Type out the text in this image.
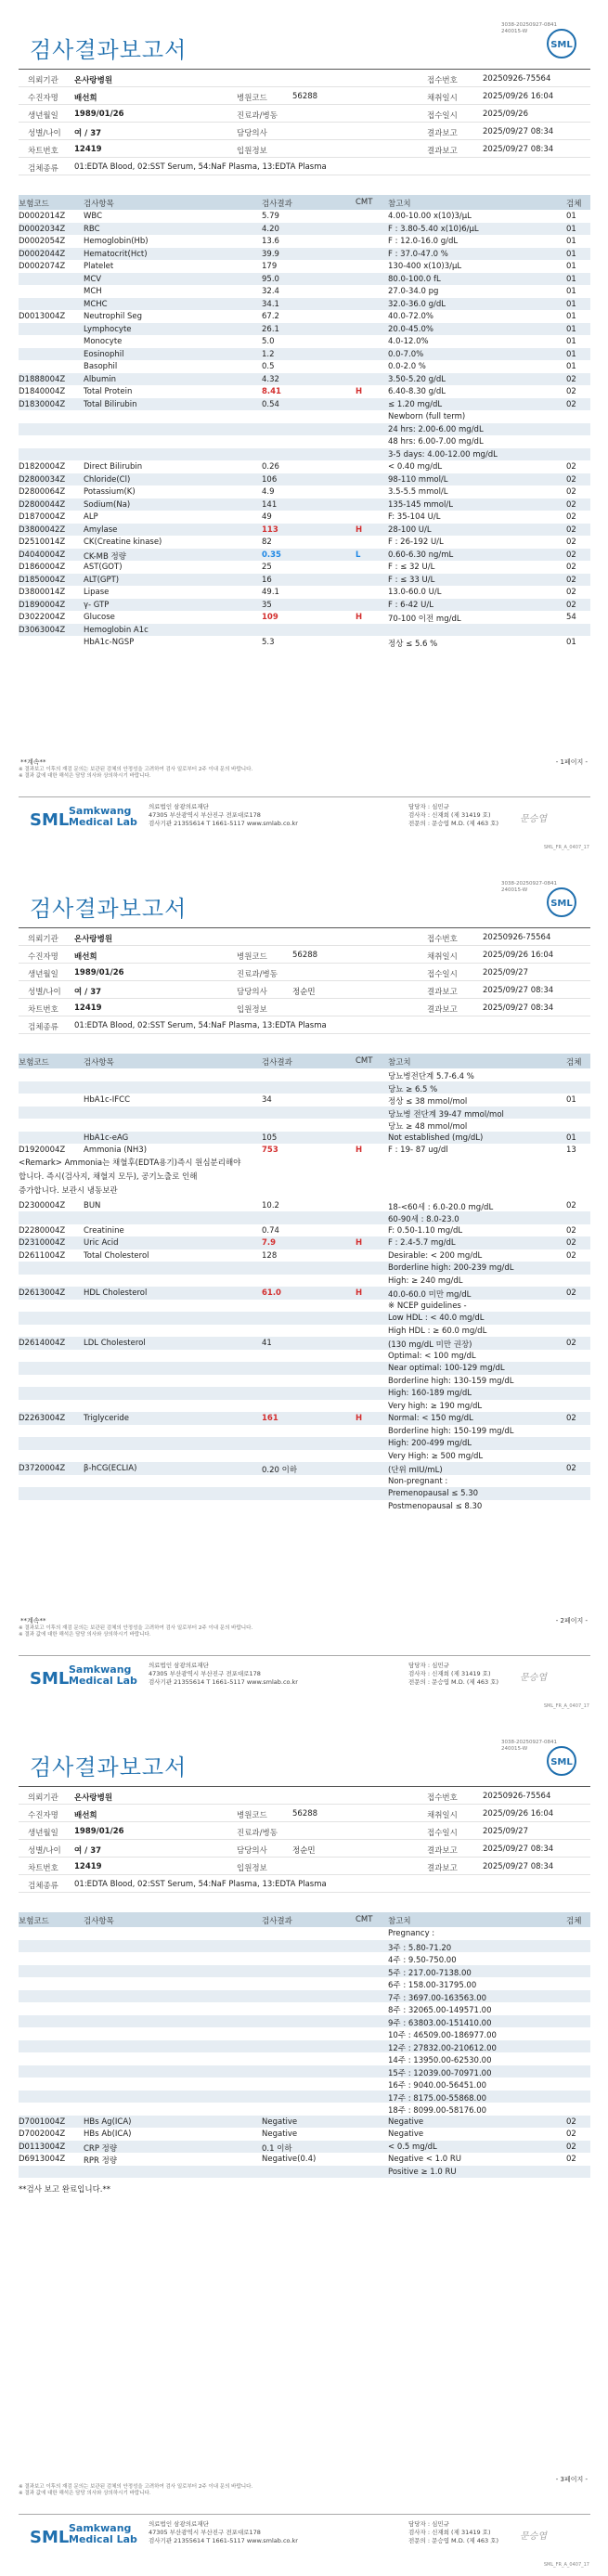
3038-20250927-0841
240015-W
검사결과보고서	SML
의뢰기관 온사랑병원	접수번호	20250926-75564
수진자명 배선희	병원코드	56288	채취일시	2025/09/26 16:04
생년월일 1989/01/26	진료과/병동	접수일시	2025/09/26
성별/나이 여 / 37	담당의사	결과보고	2025/09/27 08:34
차트번호 12419	입원정보	결과보고	2025/09/27 08:34
검체종류 01:EDTA Blood, 02:SST Serum, 54:NaF Plasma, 13:EDTA Plasma
보험코드	검사항목	검사결과	CMT 참고치	검체
D0002014Z WBC	5.79	4.00-10.00 x(10)3/μL	01
D0002034Z RBC	4.20	F : 3.80-5.40 x(10)6/μL	01
D0002054Z Hemoglobin(Hb)	13.6	F : 12.0-16.0 g/dL	01
D0002044Z Hematocrit(Hct)	39.9	F : 37.0-47.0 %	01
D0002074Z Platelet	179	130-400 x(10)3/μL	01
MCV	95.0	80.0-100.0 fL	01
MCH	32.4	27.0-34.0 pg	01
MCHC	34.1	32.0-36.0 g/dL	01
D0013004Z Neutrophil Seg	67.2	40.0-72.0%	01
Lymphocyte	26.1	20.0-45.0%	01
Monocyte	5.0	4.0-12.0%	01
Eosinophil	1.2	0.0-7.0%	01
Basophil	0.5	0.0-2.0 %	01
D1888004Z Albumin	4.32	3.50-5.20 g/dL	02
D1840004Z Total Protein	8.41	H	6.40-8.30 g/dL	02
D1830004Z Total Bilirubin	0.54	≤ 1.20 mg/dL	02
Newborn (full term)
24 hrs: 2.00-6.00 mg/dL
48 hrs: 6.00-7.00 mg/dL
3-5 days: 4.00-12.00 mg/dL
D1820004Z Direct Bilirubin	0.26	< 0.40 mg/dL	02
D2800034Z Chloride(Cl)	106	98-110 mmol/L	02
D2800064Z Potassium(K)	4.9	3.5-5.5 mmol/L	02
D2800044Z Sodium(Na)	141	135-145 mmol/L	02
D1870004Z ALP	49	F: 35-104 U/L	02
D3800042Z Amylase	113	H	28-100 U/L	02
D2510014Z CK(Creatine kinase)	82	F : 26-192 U/L	02
D4040004Z CK-MB 정량	0.35	L	0.60-6.30 ng/mL	02
D1860004Z AST(GOT)	25	F : ≤ 32 U/L	02
D1850004Z ALT(GPT)	16	F : ≤ 33 U/L	02
D3800014Z Lipase	49.1	13.0-60.0 U/L	02
D1890004Z γ- GTP	35	F : 6-42 U/L	02
D3022004Z Glucose	109	H	70-100 이전 mg/dL	54
D3063004Z Hemoglobin A1c
HbA1c-NGSP	5.3	정상 ≤ 5.6 %	01
**계속**	- 1페이지 -
※ 결과보고 이후의 재검 문의는 보관된 검체의 안정성을 고려하여 검사 일로부터 2주 이내 문의 바랍니다.
※ 결과 값에 대한 해석은 담당 의사와 상의하시기 바랍니다.
SML Samkwang
Medical Lab
의료법인 삼광의료재단
47305 부산광역시 부산진구 전포대로178
검사기관 21355614 T 1661-5117 www.smlab.co.kr
담당자 : 심민규
검사자 : 신재희 (제 31419 호)
전문의 : 문승엽 M.D. (제 463 호) 문승엽
SML_FR_A_0407_17
3038-20250927-0841
240015-W
검사결과보고서	SML
의뢰기관 온사랑병원	접수번호	20250926-75564
수진자명 배선희	병원코드	56288	채취일시	2025/09/26 16:04
생년월일 1989/01/26	진료과/병동	접수일시	2025/09/27
성별/나이 여 / 37	담당의사	정순민	결과보고	2025/09/27 08:34
차트번호 12419	입원정보	결과보고	2025/09/27 08:34
검체종류 01:EDTA Blood, 02:SST Serum, 54:NaF Plasma, 13:EDTA Plasma
보험코드	검사항목	검사결과	CMT 참고치	검체
당뇨병전단계 5.7-6.4 %
당뇨 ≥ 6.5 %
HbA1c-IFCC	34	정상 ≤ 38 mmol/mol	01
당뇨병 전단계 39-47 mmol/mol
당뇨 ≥ 48 mmol/mol
HbA1c-eAG	105	Not established (mg/dL)	01
D1920004Z Ammonia (NH3)	753	H	F : 19- 87 ug/dl	13
<Remark> Ammonia는 채혈후(EDTA용기)즉시 원심분리해야
합니다. 즉시(검사지, 채혈지 모두), 공기노출로 인해
증가합니다. 보관시 냉동보관
D2300004Z BUN	10.2	18-<60세 : 6.0-20.0 mg/dL	02
60-90세 : 8.0-23.0
D2280004Z Creatinine	0.74	F: 0.50-1.10 mg/dL	02
D2310004Z Uric Acid	7.9	H	F : 2.4-5.7 mg/dL	02
D2611004Z Total Cholesterol	128	Desirable: < 200 mg/dL	02
Borderline high: 200-239 mg/dL
High: ≥ 240 mg/dL
D2613004Z HDL Cholesterol	61.0	H	40.0-60.0 미만 mg/dL	02
※ NCEP guidelines -
Low HDL : < 40.0 mg/dL
High HDL : ≥ 60.0 mg/dL
D2614004Z LDL Cholesterol	41	(130 mg/dL 미만 권장)	02
Optimal: < 100 mg/dL
Near optimal: 100-129 mg/dL
Borderline high: 130-159 mg/dL
High: 160-189 mg/dL
Very high: ≥ 190 mg/dL
D2263004Z Triglyceride	161	H	Normal: < 150 mg/dL	02
Borderline high: 150-199 mg/dL
High: 200-499 mg/dL
Very High: ≥ 500 mg/dL
D3720004Z β-hCG(ECLIA)	0.20 이하	(단위 mIU/mL)	02
Non-pregnant :
Premenopausal ≤ 5.30
Postmenopausal ≤ 8.30
**계속**	- 2페이지 -
※ 결과보고 이후의 재검 문의는 보관된 검체의 안정성을 고려하여 검사 일로부터 2주 이내 문의 바랍니다.
※ 결과 값에 대한 해석은 담당 의사와 상의하시기 바랍니다.
SML Samkwang
Medical Lab
의료법인 삼광의료재단
47305 부산광역시 부산진구 전포대로178
검사기관 21355614 T 1661-5117 www.smlab.co.kr
담당자 : 심민규
검사자 : 신재희 (제 31419 호)
전문의 : 문승엽 M.D. (제 463 호) 문승엽
SML_FR_A_0407_17
3038-20250927-0841
240015-W
검사결과보고서	SML
의뢰기관 온사랑병원	접수번호	20250926-75564
수진자명 배선희	병원코드	56288	채취일시	2025/09/26 16:04
생년월일 1989/01/26	진료과/병동	접수일시	2025/09/27
성별/나이 여 / 37	담당의사	정순민	결과보고	2025/09/27 08:34
차트번호 12419	입원정보	결과보고	2025/09/27 08:34
검체종류 01:EDTA Blood, 02:SST Serum, 54:NaF Plasma, 13:EDTA Plasma
보험코드	검사항목	검사결과	CMT 참고치	검체
Pregnancy :
3주 : 5.80-71.20
4주 : 9.50-750.00
5주 : 217.00-7138.00
6주 : 158.00-31795.00
7주 : 3697.00-163563.00
8주 : 32065.00-149571.00
9주 : 63803.00-151410.00
10주 : 46509.00-186977.00
12주 : 27832.00-210612.00
14주 : 13950.00-62530.00
15주 : 12039.00-70971.00
16주 : 9040.00-56451.00
17주 : 8175.00-55868.00
18주 : 8099.00-58176.00
D7001004Z HBs Ag(ICA)	Negative	Negative	02
D7002004Z HBs Ab(ICA)	Negative	Negative	02
D0113004Z CRP 정량	0.1 이하	< 0.5 mg/dL	02
D6913004Z RPR 정량	Negative(0.4)	Negative < 1.0 RU	02
Positive ≥ 1.0 RU
**검사 보고 완료입니다.**
- 3페이지 -
※ 결과보고 이후의 재검 문의는 보관된 검체의 안정성을 고려하여 검사 일로부터 2주 이내 문의 바랍니다.
※ 결과 값에 대한 해석은 담당 의사와 상의하시기 바랍니다.
SML Samkwang
Medical Lab
의료법인 삼광의료재단
47305 부산광역시 부산진구 전포대로178
검사기관 21355614 T 1661-5117 www.smlab.co.kr
담당자 : 심민규
검사자 : 신재희 (제 31419 호)
전문의 : 문승엽 M.D. (제 463 호) 문승엽
SML_FR_A_0407_17
